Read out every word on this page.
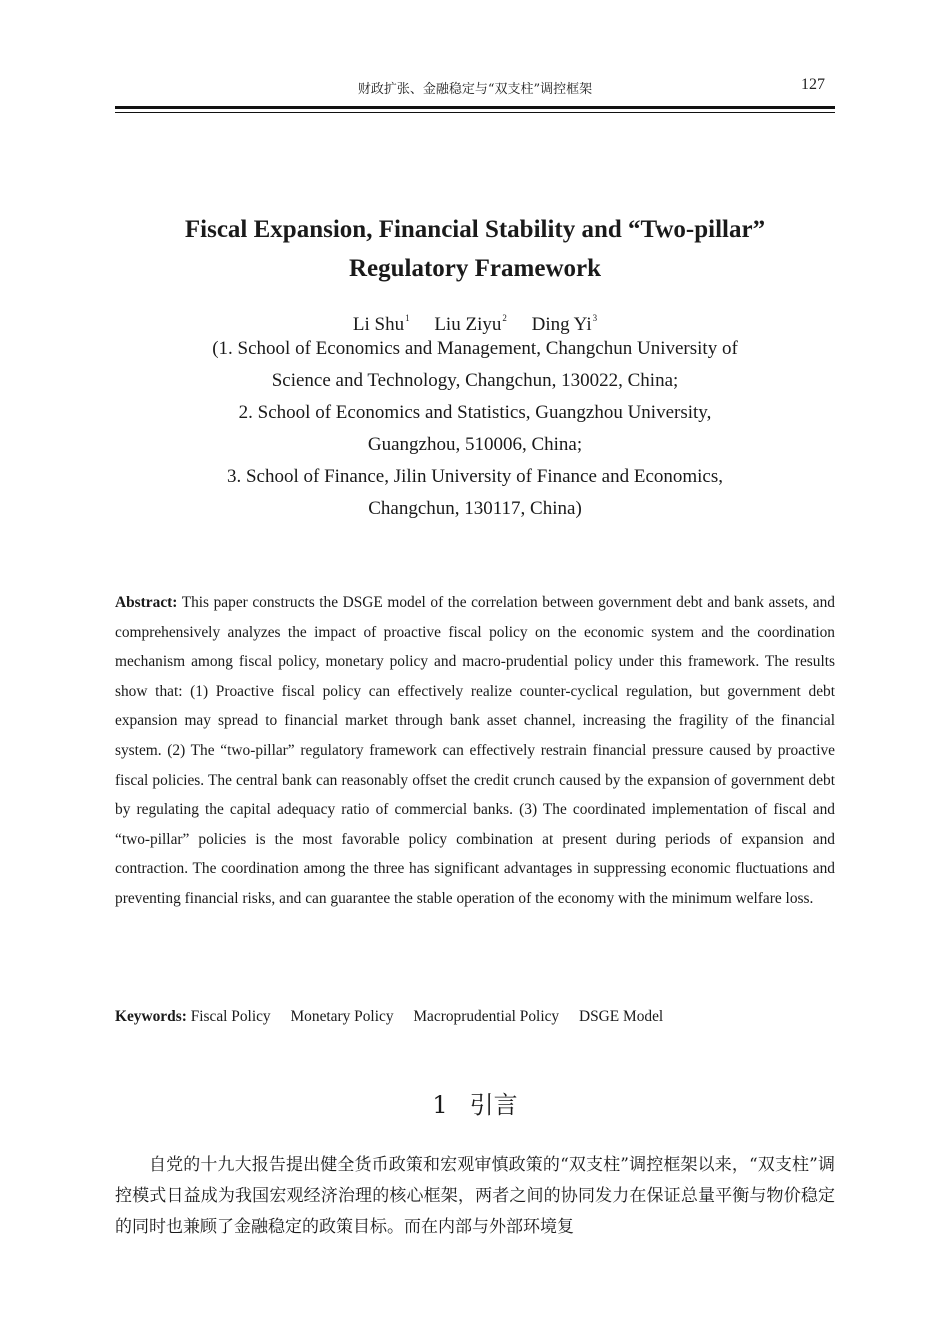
财政扩张、金融稳定与“双支柱”调控框架	127
Fiscal Expansion, Financial Stability and “Two-pillar”
Regulatory Framework
Li Shu$^1$ Liu Ziyu$^2$ Ding Yi$^3$
(1. School of Economics and Management, Changchun University of
Science and Technology, Changchun, 130022, China;
2. School of Economics and Statistics, Guangzhou University,
Guangzhou, 510006, China;
3. School of Finance, Jilin University of Finance and Economics,
Changchun, 130117, China)

Abstract: This paper constructs the DSGE model of the correlation between government debt and bank assets, and comprehensively analyzes the impact of proactive fiscal policy on the economic system and the coordination mechanism among fiscal policy, monetary policy and macro-prudential policy under this framework. The results show that: (1) Proactive fiscal policy can effectively realize counter-cyclical regulation, but government debt expansion may spread to financial market through bank asset channel, increasing the fragility of the financial system. (2) The “two-pillar” regulatory framework can effectively restrain financial pressure caused by proactive fiscal policies. The central bank can reasonably offset the credit crunch caused by the expansion of government debt by regulating the capital adequacy ratio of commercial banks. (3) The coordinated implementation of fiscal and “two-pillar” policies is the most favorable policy combination at present during periods of expansion and contraction. The coordination among the three has significant advantages in suppressing economic fluctuations and preventing financial risks, and can guarantee the stable operation of the economy with the minimum welfare loss.

Keywords: Fiscal Policy Monetary Policy Macroprudential Policy DSGE Model
1 引言

自党的十九大报告提出健全货币政策和宏观审慎政策的“双支柱”调控框架以来，“双支柱”调控模式日益成为我国宏观经济治理的核心框架，两者之间的协同发力在保证总量平衡与物价稳定的同时也兼顾了金融稳定的政策目标。而在内部与外部环境复
